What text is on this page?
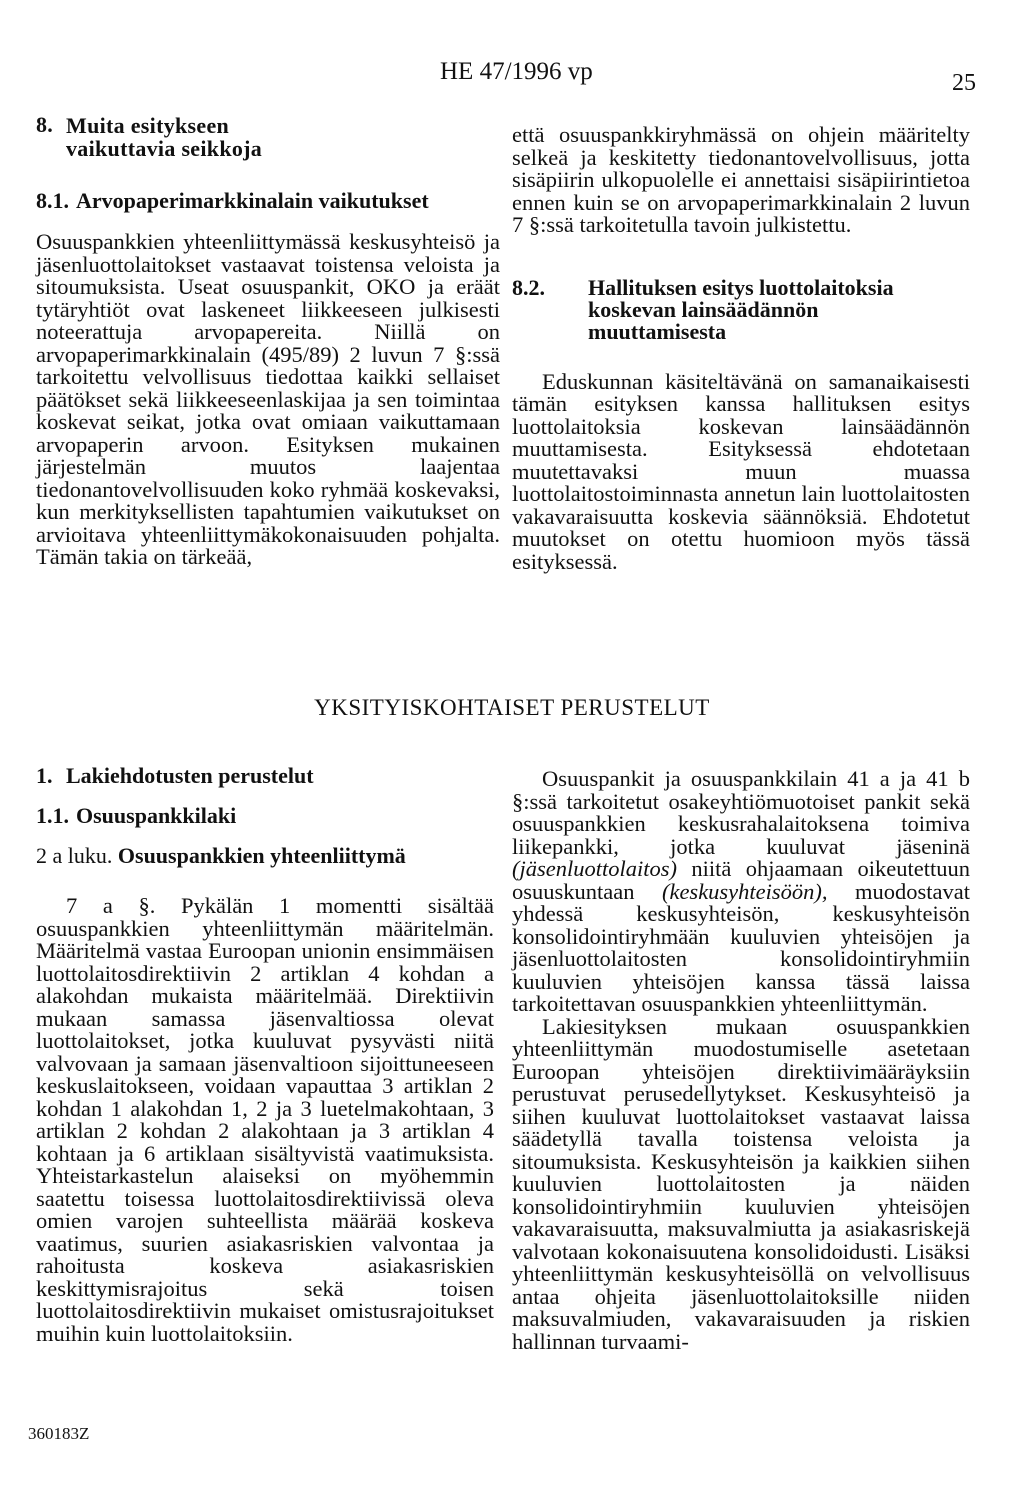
HE 47/1996 vp	25
8. Muita esitykseen vaikuttavia seikkoja
8.1. Arvopaperimarkkinalain vaikutukset

Osuuspankkien yhteenliittymässä keskusyhteisö ja jäsenluottolaitokset vastaavat toistensa veloista ja sitoumuksista. Useat osuuspankit, OKO ja eräät tytäryhtiöt ovat laskeneet liikkeeseen julkisesti noteerattuja arvopapereita. Niillä on arvopaperimarkkinalain (495/89) 2 luvun 7 §:ssä tarkoitettu velvollisuus tiedottaa kaikki sellaiset päätökset sekä liikkeeseenlaskijaa ja sen toimintaa koskevat seikat, jotka ovat omiaan vaikuttamaan arvopaperin arvoon. Esityksen mukainen järjestelmän muutos laajentaa tiedonantovelvollisuuden koko ryhmää koskevaksi, kun merkityksellisten tapahtumien vaikutukset on arvioitava yhteenliittymäkokonaisuuden pohjalta. Tämän takia on tärkeää,

että osuuspankkiryhmässä on ohjein määritelty selkeä ja keskitetty tiedonantovelvollisuus, jotta sisäpiirin ulkopuolelle ei annettaisi sisäpiirintietoa ennen kuin se on arvopaperimarkkinalain 2 luvun 7 §:ssä tarkoitetulla tavoin julkistettu.

8.2.	Hallituksen esitys luottolaitoksia koskevan lainsäädännön muuttamisesta

Eduskunnan käsiteltävänä on samanaikaisesti tämän esityksen kanssa hallituksen esitys luottolaitoksia koskevan lainsäädännön muuttamisesta. Esityksessä ehdotetaan muutettavaksi muun muassa luottolaitostoiminnasta annetun lain luottolaitosten vakavaraisuutta koskevia säännöksiä. Ehdotetut muutokset on otettu huomioon myös tässä esityksessä.

YKSITYISKOHTAISET PERUSTELUT
1. Lakiehdotusten perustelut
1.1. Osuuspankkilaki
2 a luku. Osuuspankkien yhteenliittymä

7 a §. Pykälän 1 momentti sisältää osuuspankkien yhteenliittymän määritelmän. Määritelmä vastaa Euroopan unionin ensimmäisen luottolaitosdirektiivin 2 artiklan 4 kohdan a alakohdan mukaista määritelmää. Direktiivin mukaan samassa jäsenvaltiossa olevat luottolaitokset, jotka kuuluvat pysyvästi niitä valvovaan ja samaan jäsenvaltioon sijoittuneeseen keskuslaitokseen, voidaan vapauttaa 3 artiklan 2 kohdan 1 alakohdan 1, 2 ja 3 luetelmakohtaan, 3 artiklan 2 kohdan 2 alakohtaan ja 3 artiklan 4 kohtaan ja 6 artiklaan sisältyvistä vaatimuksista. Yhteistarkastelun alaiseksi on myöhemmin saatettu toisessa luottolaitosdirektiivissä oleva omien varojen suhteellista määrää koskeva vaatimus, suurien asiakasriskien valvontaa ja rahoitusta koskeva asiakasriskien keskittymisrajoitus sekä toisen luottolaitosdirektiivin mukaiset omistusrajoitukset muihin kuin luottolaitoksiin.

Osuuspankit ja osuuspankkilain 41 a ja 41 b §:ssä tarkoitetut osakeyhtiömuotoiset pankit sekä osuuspankkien keskusrahalaitoksena toimiva liikepankki, jotka kuuluvat jäseninä (jäsenluottolaitos) niitä ohjaamaan oikeutettuun osuuskuntaan (keskusyhteisöön), muodostavat yhdessä keskusyhteisön, keskusyhteisön konsolidointiryhmään kuuluvien yhteisöjen ja jäsenluottolaitosten konsolidointiryhmiin kuuluvien yhteisöjen kanssa tässä laissa tarkoitettavan osuuspankkien yhteenliittymän.

Lakiesityksen mukaan osuuspankkien yhteenliittymän muodostumiselle asetetaan Euroopan yhteisöjen direktiivimääräyksiin perustuvat perusedellytykset. Keskusyhteisö ja siihen kuuluvat luottolaitokset vastaavat laissa säädetyllä tavalla toistensa veloista ja sitoumuksista. Keskusyhteisön ja kaikkien siihen kuuluvien luottolaitosten ja näiden konsolidointiryhmiin kuuluvien yhteisöjen vakavaraisuutta, maksuvalmiutta ja asiakasriskejä valvotaan kokonaisuutena konsolidoidusti. Lisäksi yhteenliittymän keskusyhteisöllä on velvollisuus antaa ohjeita jäsenluottolaitoksille niiden maksuvalmiuden, vakavaraisuuden ja riskien hallinnan turvaami-

360183Z
